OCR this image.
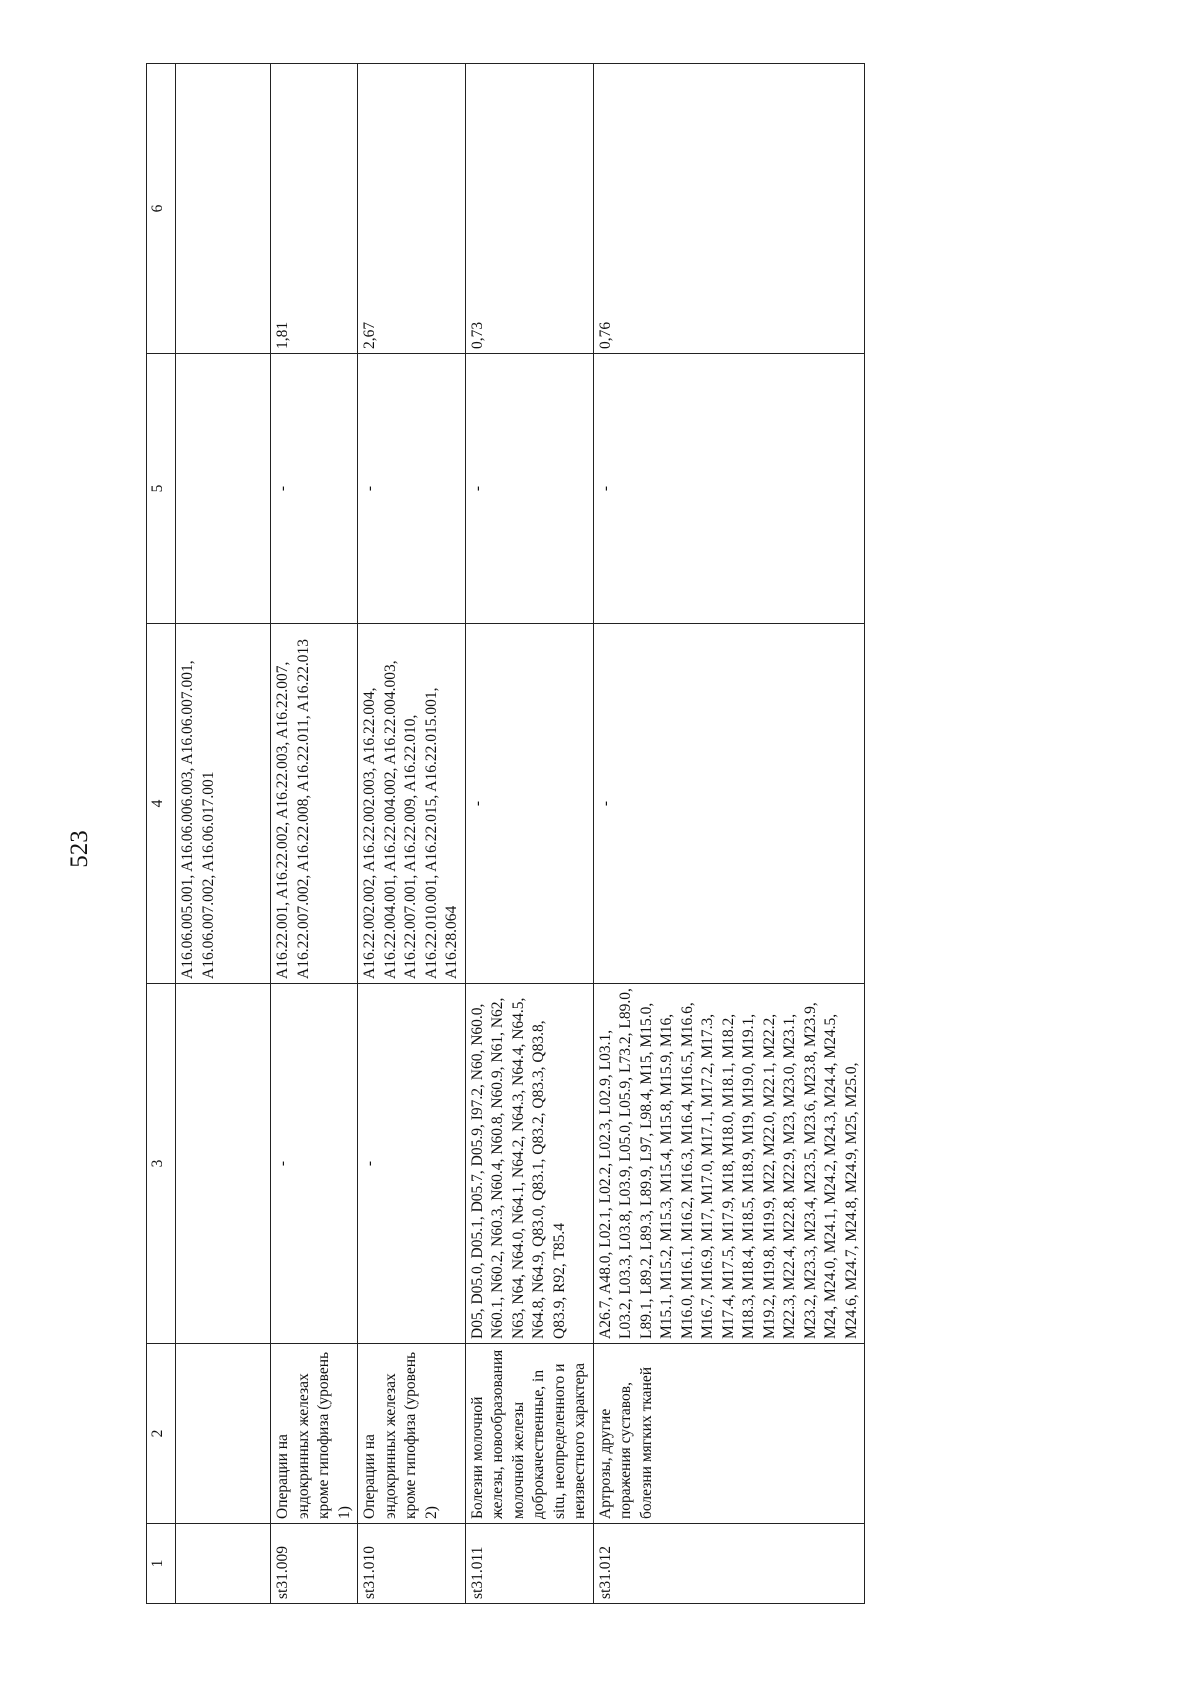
523
1	2	3	4	5	6
			A16.06.005.001, A16.06.006.003, A16.06.007.001, A16.06.007.002, A16.06.017.001		
st31.009	Операции на эндокринных железах кроме гипофиза (уровень 1)	-	A16.22.001, A16.22.002, A16.22.003, A16.22.007, A16.22.007.002, A16.22.008, A16.22.011, A16.22.013	-	1,81
st31.010	Операции на эндокринных железах кроме гипофиза (уровень 2)	-	A16.22.002.002, A16.22.002.003, A16.22.004, A16.22.004.001, A16.22.004.002, A16.22.004.003, A16.22.007.001, A16.22.009, A16.22.010, A16.22.010.001, A16.22.015, A16.22.015.001, A16.28.064	-	2,67
st31.011	Болезни молочной железы, новообразования молочной железы доброкачественные, in situ, неопределенного и неизвестного характера	D05, D05.0, D05.1, D05.7, D05.9, I97.2, N60, N60.0, N60.1, N60.2, N60.3, N60.4, N60.8, N60.9, N61, N62, N63, N64, N64.0, N64.1, N64.2, N64.3, N64.4, N64.5, N64.8, N64.9, Q83.0, Q83.1, Q83.2, Q83.3, Q83.8, Q83.9, R92, T85.4	-	-	0,73
st31.012	Артрозы, другие поражения суставов, болезни мягких тканей	A26.7, A48.0, L02.1, L02.2, L02.3, L02.9, L03.1, L03.2, L03.3, L03.8, L03.9, L05.0, L05.9, L73.2, L89.0, L89.1, L89.2, L89.3, L89.9, L97, L98.4, M15, M15.0, M15.1, M15.2, M15.3, M15.4, M15.8, M15.9, M16, M16.0, M16.1, M16.2, M16.3, M16.4, M16.5, M16.6, M16.7, M16.9, M17, M17.0, M17.1, M17.2, M17.3, M17.4, M17.5, M17.9, M18, M18.0, M18.1, M18.2, M18.3, M18.4, M18.5, M18.9, M19, M19.0, M19.1, M19.2, M19.8, M19.9, M22, M22.0, M22.1, M22.2, M22.3, M22.4, M22.8, M22.9, M23, M23.0, M23.1, M23.2, M23.3, M23.4, M23.5, M23.6, M23.8, M23.9, M24, M24.0, M24.1, M24.2, M24.3, M24.4, M24.5, M24.6, M24.7, M24.8, M24.9, M25, M25.0,	-	-	0,76
